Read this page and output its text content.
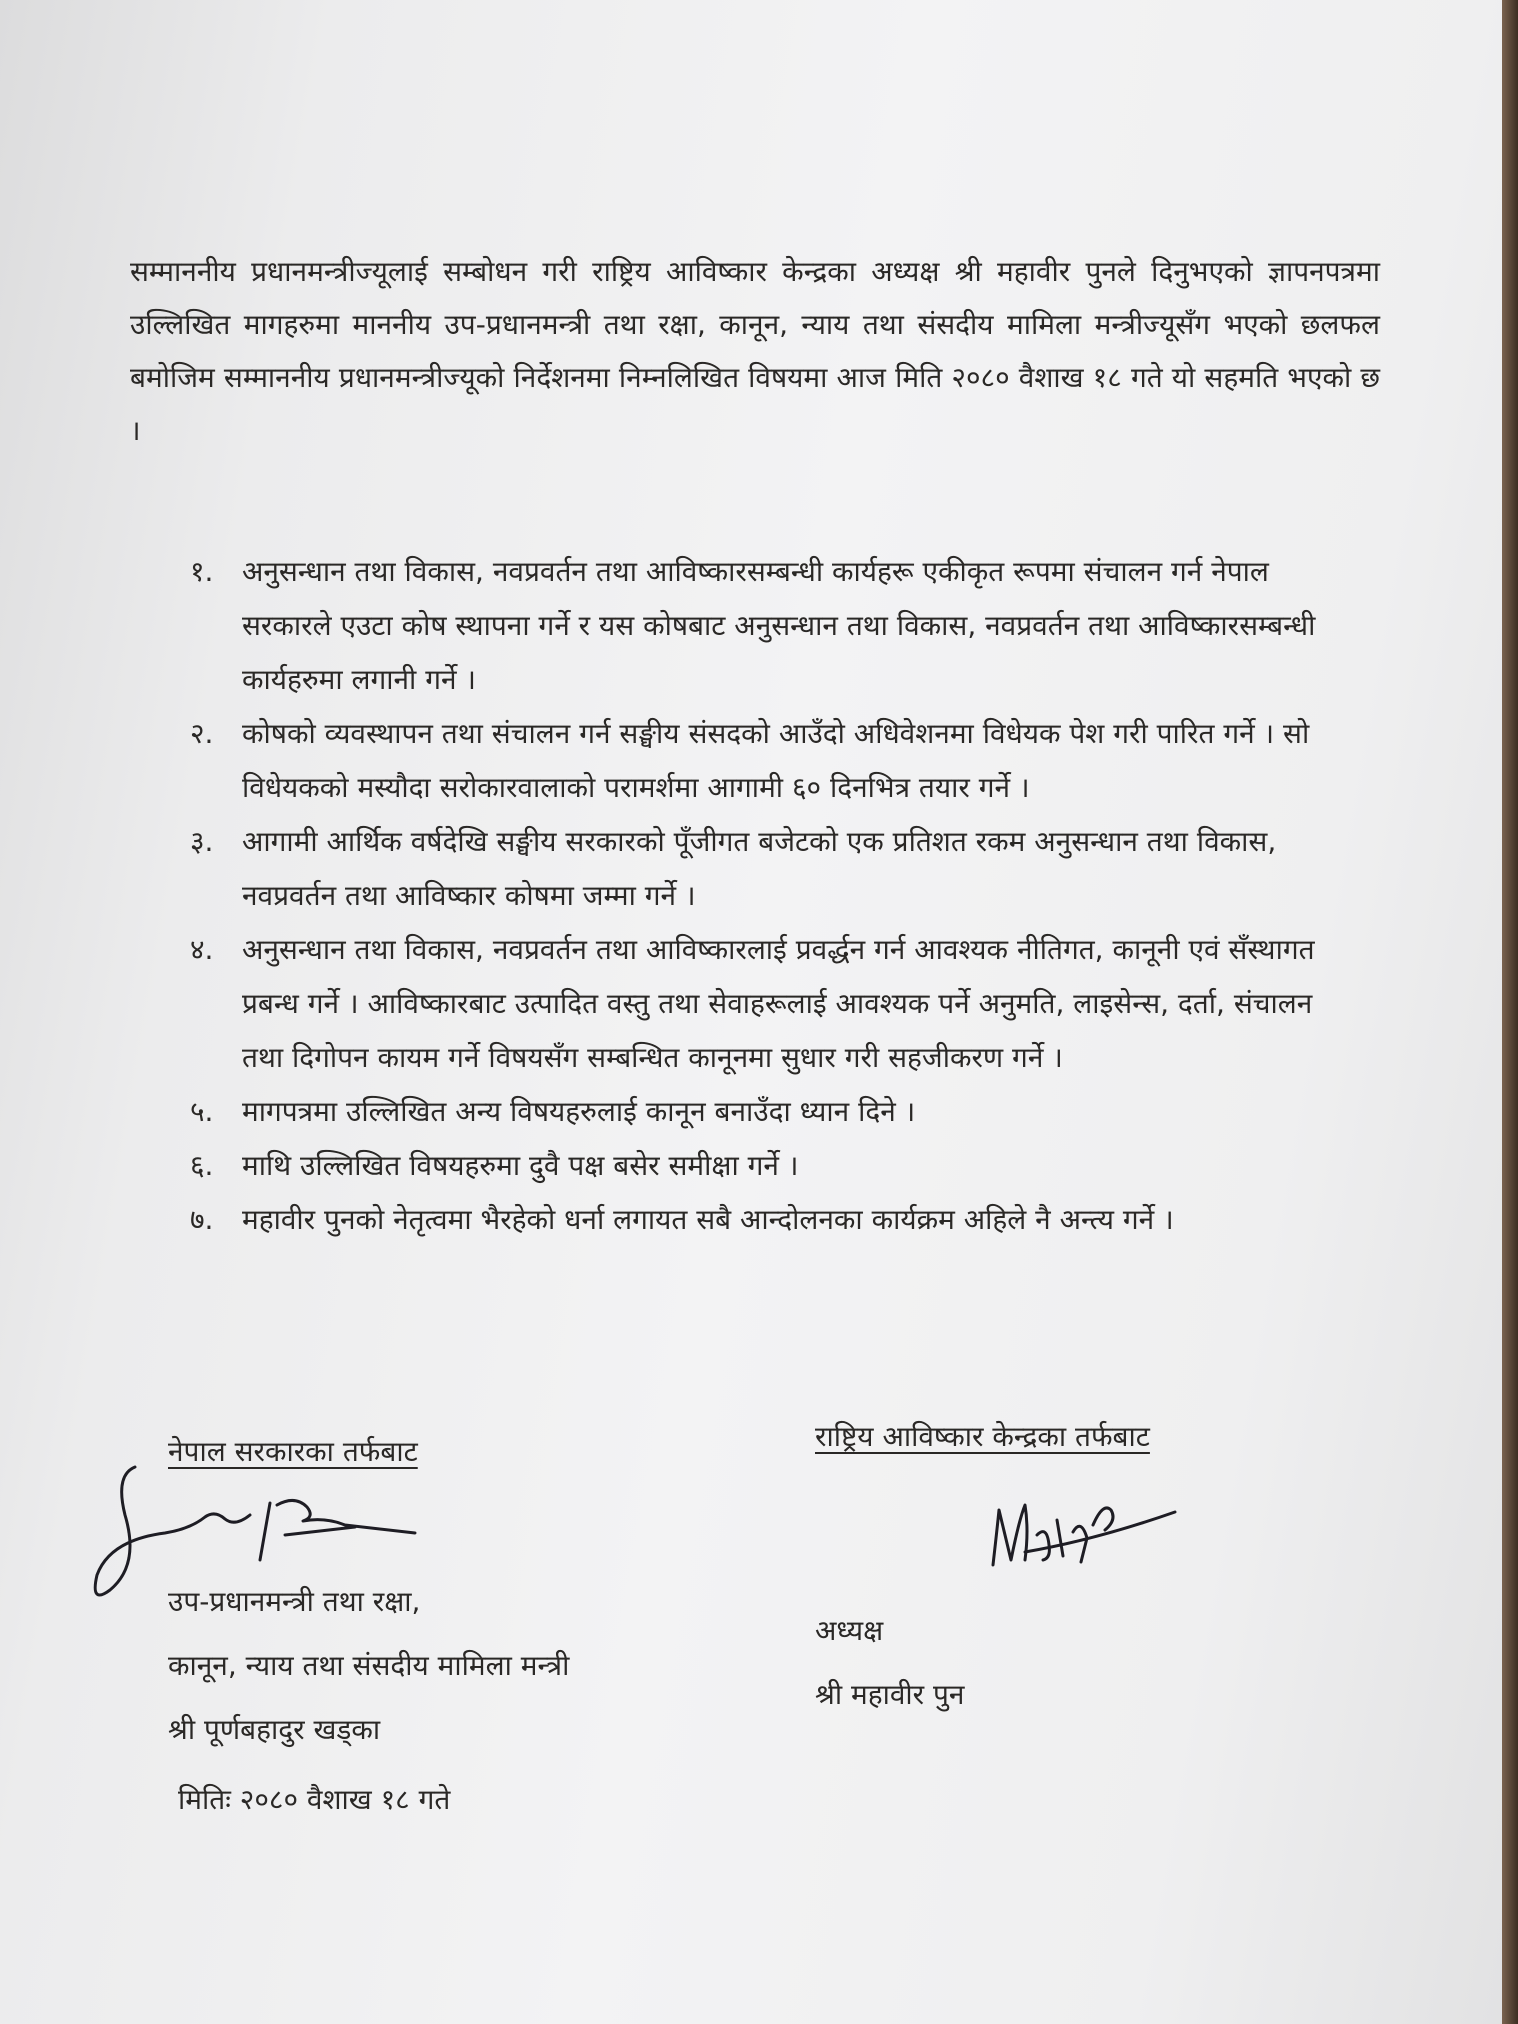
सम्माननीय प्रधानमन्त्रीज्यूलाई सम्बोधन गरी राष्ट्रिय आविष्कार केन्द्रका अध्यक्ष श्री महावीर पुनले दिनुभएको ज्ञापनपत्रमा उल्लिखित मागहरुमा माननीय उप-प्रधानमन्त्री तथा रक्षा, कानून, न्याय तथा संसदीय मामिला मन्त्रीज्यूसँग भएको छलफल बमोजिम सम्माननीय प्रधानमन्त्रीज्यूको निर्देशनमा निम्नलिखित विषयमा आज मिति २०८० वैशाख १८ गते यो सहमति भएको छ ।

१. अनुसन्धान तथा विकास, नवप्रवर्तन तथा आविष्कारसम्बन्धी कार्यहरू एकीकृत रूपमा संचालन गर्न नेपाल सरकारले एउटा कोष स्थापना गर्ने र यस कोषबाट अनुसन्धान तथा विकास, नवप्रवर्तन तथा आविष्कारसम्बन्धी कार्यहरुमा लगानी गर्ने ।
२. कोषको व्यवस्थापन तथा संचालन गर्न सङ्घीय संसदको आउँदो अधिवेशनमा विधेयक पेश गरी पारित गर्ने । सो विधेयकको मस्यौदा सरोकारवालाको परामर्शमा आगामी ६० दिनभित्र तयार गर्ने ।
३. आगामी आर्थिक वर्षदेखि सङ्घीय सरकारको पूँजीगत बजेटको एक प्रतिशत रकम अनुसन्धान तथा विकास, नवप्रवर्तन तथा आविष्कार कोषमा जम्मा गर्ने ।
४. अनुसन्धान तथा विकास, नवप्रवर्तन तथा आविष्कारलाई प्रवर्द्धन गर्न आवश्यक नीतिगत, कानूनी एवं सँस्थागत प्रबन्ध गर्ने । आविष्कारबाट उत्पादित वस्तु तथा सेवाहरूलाई आवश्यक पर्ने अनुमति, लाइसेन्स, दर्ता, संचालन तथा दिगोपन कायम गर्ने विषयसँग सम्बन्धित कानूनमा सुधार गरी सहजीकरण गर्ने ।
५. मागपत्रमा उल्लिखित अन्य विषयहरुलाई कानून बनाउँदा ध्यान दिने ।
६. माथि उल्लिखित विषयहरुमा दुवै पक्ष बसेर समीक्षा गर्ने ।
७. महावीर पुनको नेतृत्वमा भैरहेको धर्ना लगायत सबै आन्दोलनका कार्यक्रम अहिले नै अन्त्य गर्ने ।
नेपाल सरकारका तर्फबाट
उप-प्रधानमन्त्री तथा रक्षा,
कानून, न्याय तथा संसदीय मामिला मन्त्री
श्री पूर्णबहादुर खड्का
राष्ट्रिय आविष्कार केन्द्रका तर्फबाट
अध्यक्ष
श्री महावीर पुन
मितिः २०८० वैशाख १८ गते
